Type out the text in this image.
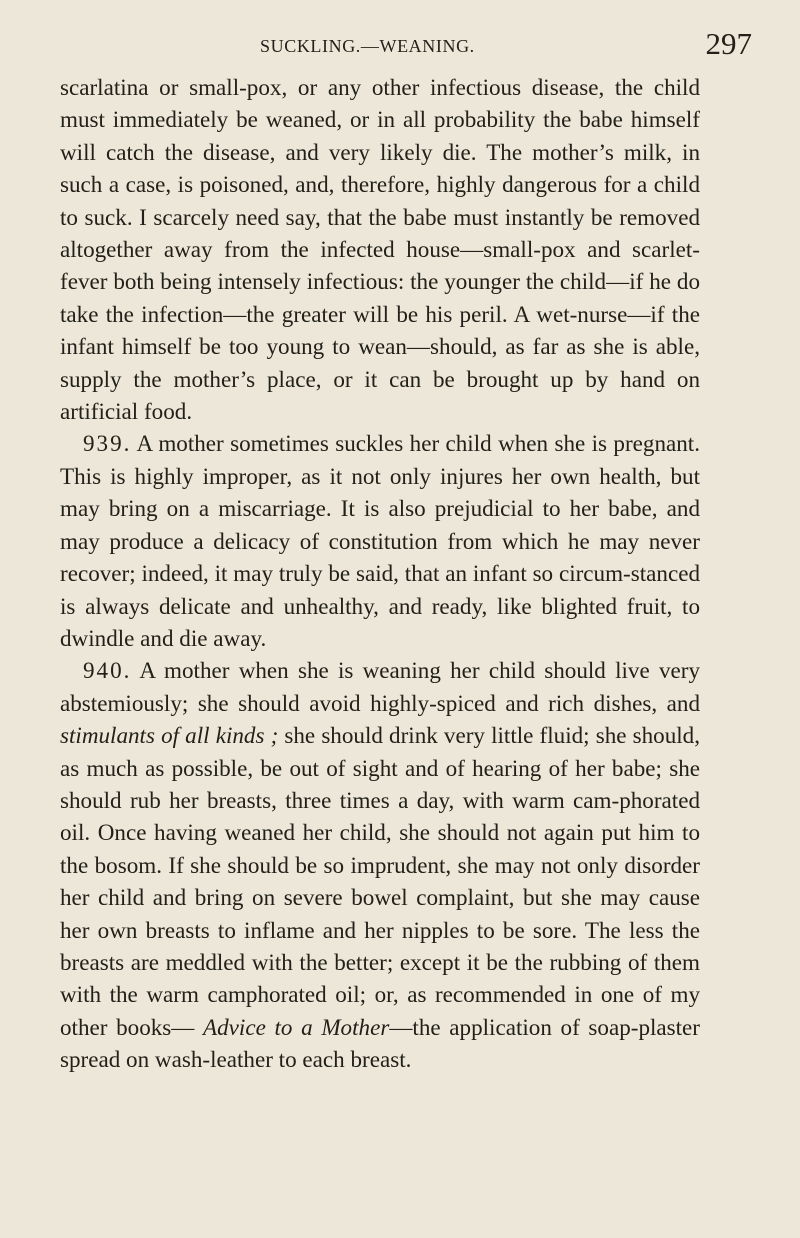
SUCKLING.—WEANING.	297

scarlatina or small-pox, or any other infectious disease, the child must immediately be weaned, or in all probability the babe himself will catch the disease, and very likely die. The mother’s milk, in such a case, is poisoned, and, therefore, highly dangerous for a child to suck. I scarcely need say, that the babe must instantly be removed altogether away from the infected house—small-pox and scarlet-fever both being intensely infectious: the younger the child—if he do take the infection—the greater will be his peril. A wet-nurse—if the infant himself be too young to wean—should, as far as she is able, supply the mother’s place, or it can be brought up by hand on artificial food.

939. A mother sometimes suckles her child when she is pregnant. This is highly improper, as it not only injures her own health, but may bring on a miscarriage. It is also prejudicial to her babe, and may produce a delicacy of constitution from which he may never recover; indeed, it may truly be said, that an infant so circum-stanced is always delicate and unhealthy, and ready, like blighted fruit, to dwindle and die away.

940. A mother when she is weaning her child should live very abstemiously; she should avoid highly-spiced and rich dishes, and stimulants of all kinds ; she should drink very little fluid; she should, as much as possible, be out of sight and of hearing of her babe; she should rub her breasts, three times a day, with warm cam-phorated oil. Once having weaned her child, she should not again put him to the bosom. If she should be so imprudent, she may not only disorder her child and bring on severe bowel complaint, but she may cause her own breasts to inflame and her nipples to be sore. The less the breasts are meddled with the better; except it be the rubbing of them with the warm camphorated oil; or, as recommended in one of my other books— Advice to a Mother—the application of soap-plaster spread on wash-leather to each breast.
